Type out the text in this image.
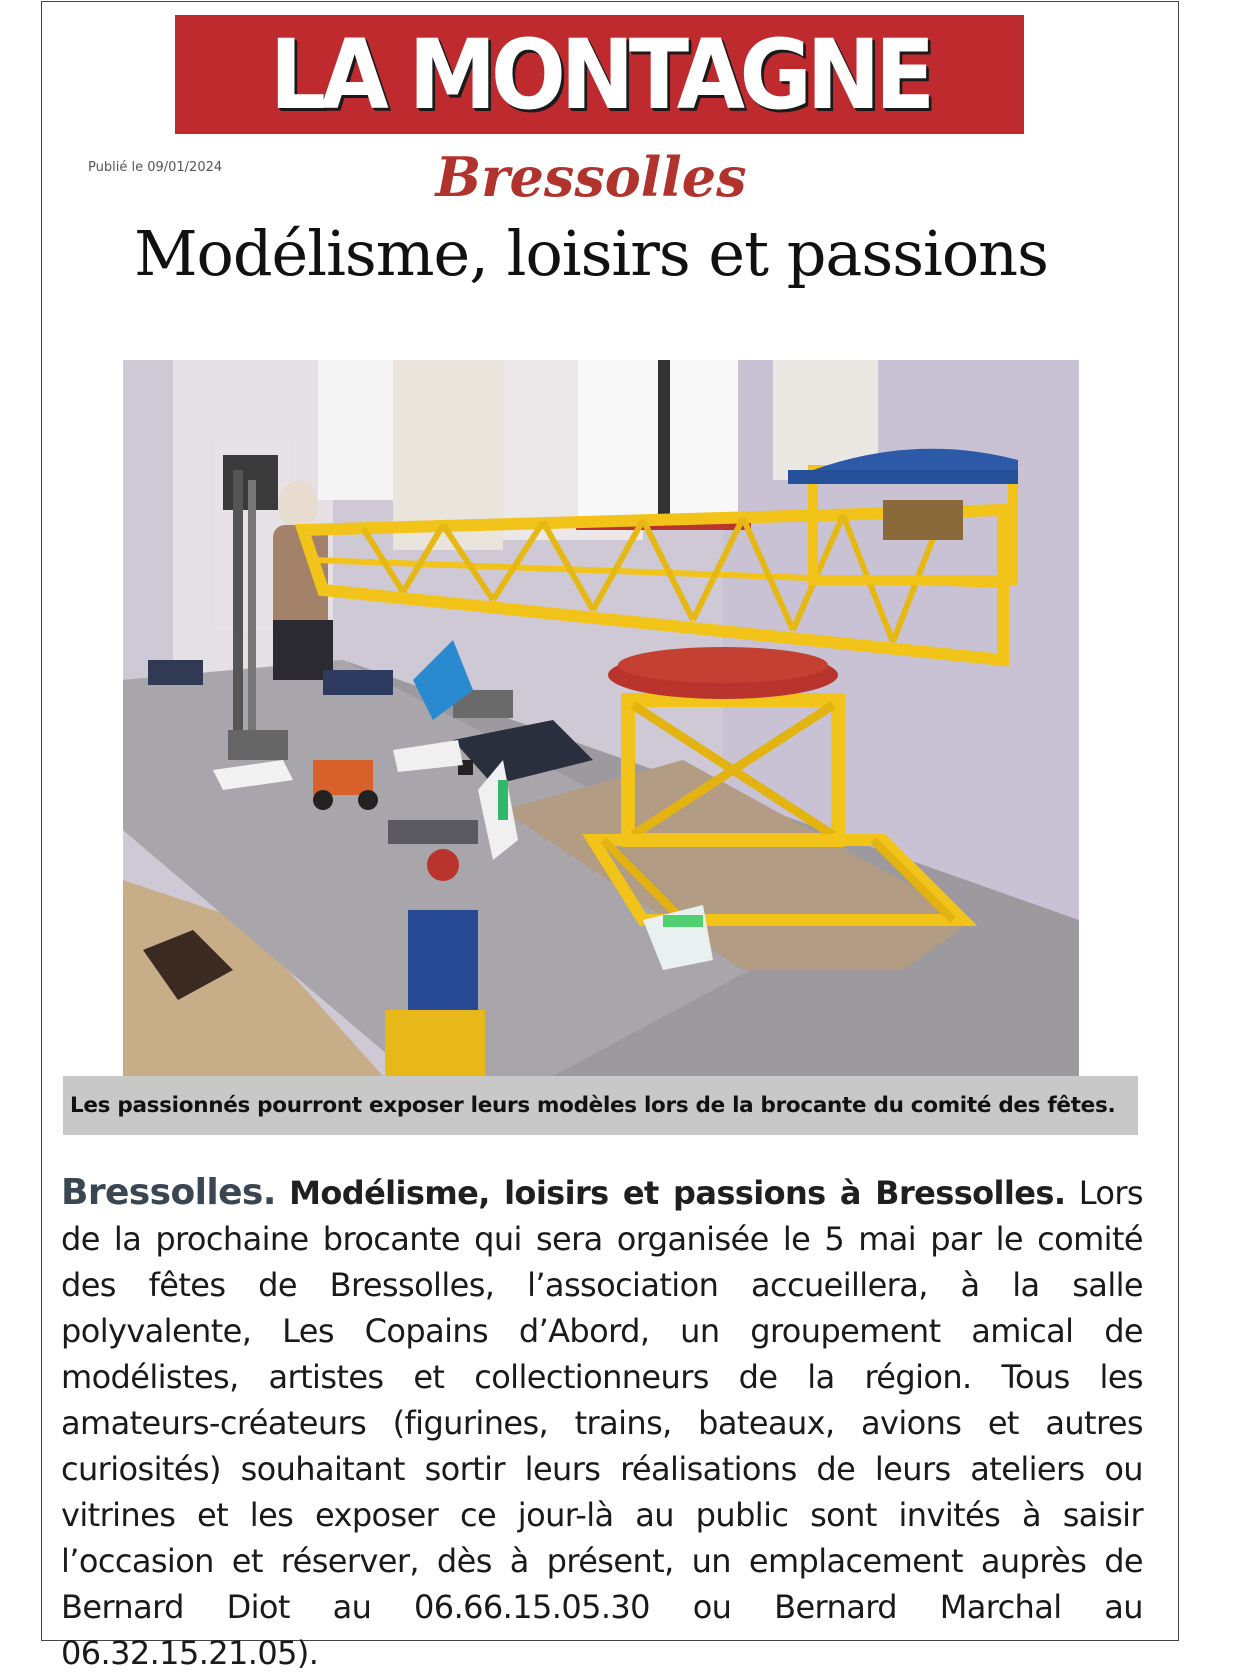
LA MONTAGNE
Publié le 09/01/2024	Bressolles
Modélisme, loisirs et passions
Les passionnés pourront exposer leurs modèles lors de la brocante du comité des fêtes.
Bressolles. Modélisme, loisirs et passions à Bressolles. Lors de la prochaine brocante qui sera organisée le 5 mai par le comité des fêtes de Bressolles, l’association accueillera, à la salle polyvalente, Les Copains d’Abord, un groupement amical de modélistes, artistes et collectionneurs de la région. Tous les amateurs-créateurs (figurines, trains, bateaux, avions et autres curiosités) souhaitant sortir leurs réalisations de leurs ateliers ou vitrines et les exposer ce jour-là au public sont invités à saisir l’occasion et réserver, dès à présent, un emplacement auprès de Bernard Diot au 06.66.15.05.30 ou Bernard Marchal au 06.32.15.21.05).
